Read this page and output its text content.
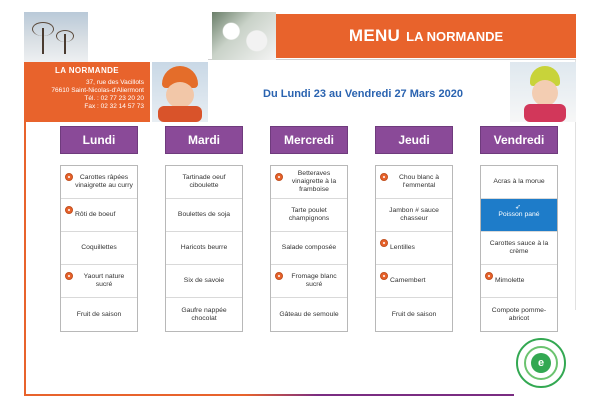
MENU LA NORMANDE
LA NORMANDE
37, rue des Vacillots
76610 Saint-Nicolas-d'Aliermont
Tél. : 02 77 23 20 20
Fax : 02 32 14 57 73
Du Lundi 23 au Vendredi 27 Mars 2020
Lundi
Carottes râpées vinaigrette au curry
Rôti de boeuf
Coquillettes
Yaourt nature sucré
Fruit de saison
Mardi
Tartinade oeuf ciboulette
Boulettes de soja
Haricots beurre
Six de savoie
Gaufre nappée chocolat
Mercredi
Betteraves vinaigrette à la framboise
Tarte poulet champignons
Salade composée
Fromage blanc sucré
Gâteau de semoule
Jeudi
Chou blanc à l'emmental
Jambon # sauce chasseur
Lentilles
Camembert
Fruit de saison
Vendredi
Acras à la morue
➶
Poisson pané
Carottes sauce à la crème
Mimolette
Compote pomme-abricot
e
